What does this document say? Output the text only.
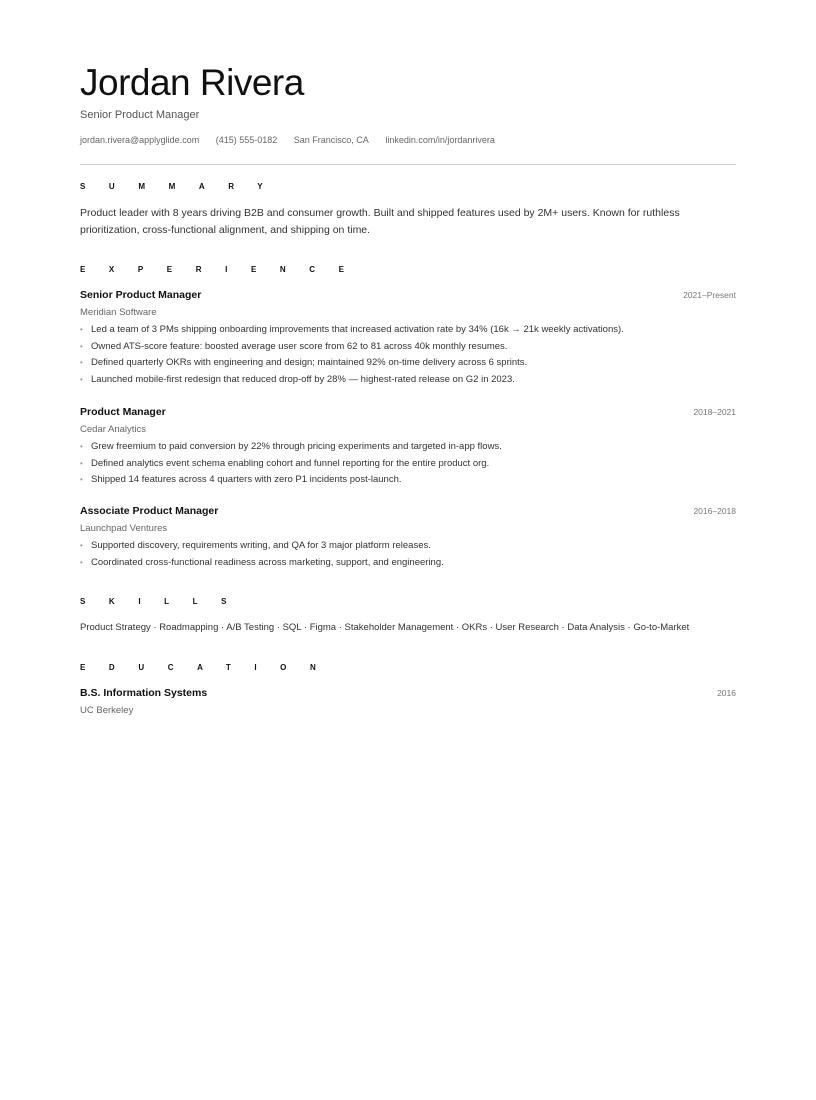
Jordan Rivera
Senior Product Manager
jordan.rivera@applyglide.com (415) 555-0182 San Francisco, CA linkedin.com/in/jordanrivera
SUMMARY
Product leader with 8 years driving B2B and consumer growth. Built and shipped features used by 2M+ users. Known for ruthless prioritization, cross-functional alignment, and shipping on time.
EXPERIENCE
Senior Product Manager	2021–Present
Meridian Software
• Led a team of 3 PMs shipping onboarding improvements that increased activation rate by 34% (16k → 21k weekly activations).
• Owned ATS-score feature: boosted average user score from 62 to 81 across 40k monthly resumes.
• Defined quarterly OKRs with engineering and design; maintained 92% on-time delivery across 6 sprints.
• Launched mobile-first redesign that reduced drop-off by 28% — highest-rated release on G2 in 2023.
Product Manager	2018–2021
Cedar Analytics
• Grew freemium to paid conversion by 22% through pricing experiments and targeted in-app flows.
• Defined analytics event schema enabling cohort and funnel reporting for the entire product org.
• Shipped 14 features across 4 quarters with zero P1 incidents post-launch.
Associate Product Manager	2016–2018
Launchpad Ventures
• Supported discovery, requirements writing, and QA for 3 major platform releases.
• Coordinated cross-functional readiness across marketing, support, and engineering.
SKILLS
Product Strategy · Roadmapping · A/B Testing · SQL · Figma · Stakeholder Management · OKRs · User Research · Data Analysis · Go-to-Market
EDUCATION
B.S. Information Systems	2016
UC Berkeley
